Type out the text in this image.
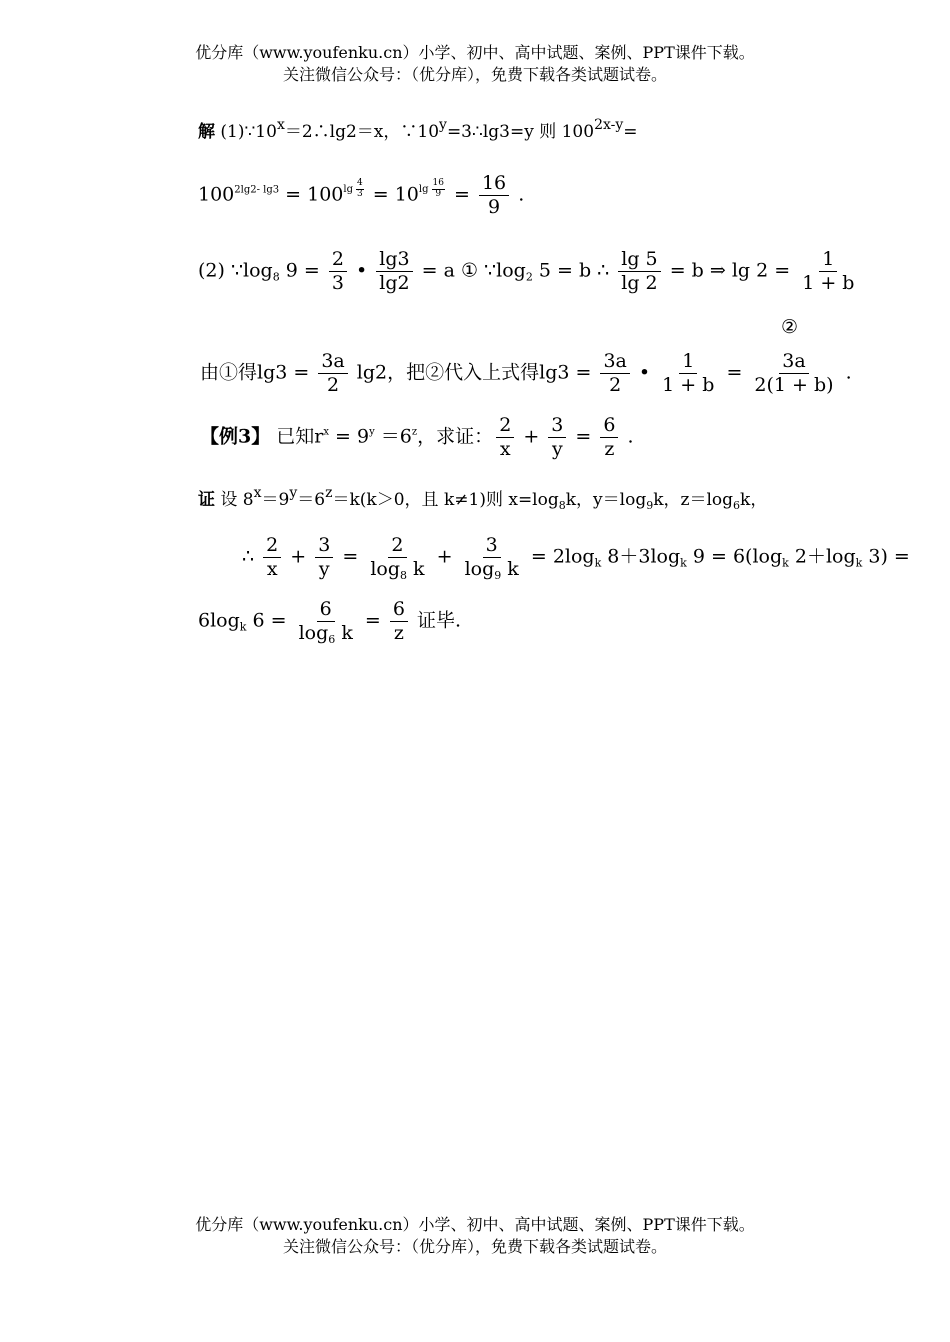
优分库（www.youfenku.cn）小学、初中、高中试题、案例、PPT课件下载。
关注微信公众号：（优分库），免费下载各类试题试卷。
解 $(1)\because 10^x=2\therefore\lg 2=x$，$\because 10^y=3\therefore\lg 3=y$ 则 $100^{2x-y}=$
$100^{2lg2- lg3} = 100^{lg \frac{4}{3}} = 10^{lg \frac{16}{9}} = \frac{16}{9}$ .
(2) $\because\log_8$ $9 = \frac{2}{3}$ • $\frac{\lg 3}{\lg 2} = a$ ① $\because\log_2$ 5 = b ∴ $\frac{\lg 5}{\lg 2} = b$ ⇒ $\lg 2 = \frac{1}{1 + b}$
②
由①得$\lg 3 = \frac{3a}{2} \lg 2$，把②代入上式得$\lg 3 = \frac{3a}{2}$ • $\frac{1}{1 + b} = \frac{3a}{2(1 + b)}$ .
【例3】 已知$r^x = 9^y =6^z$，求证： $\frac{2}{x} + \frac{3}{y} = \frac{6}{z}$ .
证 设 $8^x=9^y=6^z=k(k>0$，且 k≠1)则 $x=\log_8k$，$y=\log_9k$，$z=\log_6k$，
∴ $\frac{2}{x} + \frac{3}{y} = \frac{2}{\log_8 k} + \frac{3}{\log_9 k} = 2\log_k$ $8+3\log_k$ $9 = 6(\log_k$ $2+\log_k$ 3) =
$6\log_k$ $6 = \frac{6}{\log_6 k} = \frac{6}{z}$ 证毕.
优分库（www.youfenku.cn）小学、初中、高中试题、案例、PPT课件下载。
关注微信公众号：（优分库），免费下载各类试题试卷。
